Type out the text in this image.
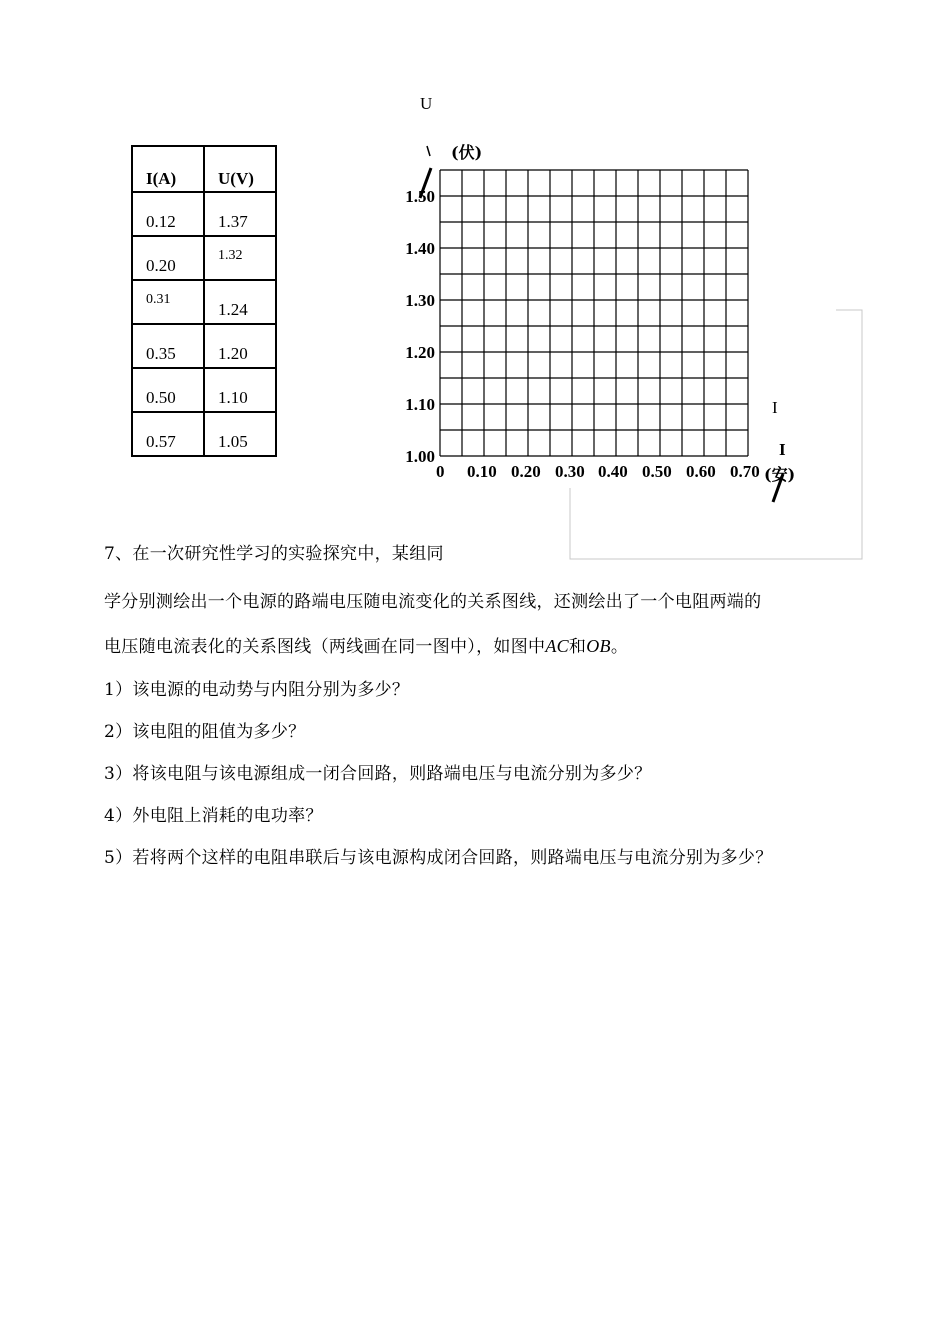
U
I(A)	U(V)
0.12	1.37
0.20	1.32
0.31	1.24
0.35	1.20
0.50	1.10
0.57	1.05
(伏)
1.50
1.40
1.30
1.20
1.10
1.00
0 0.10 0.20 0.30 0.40 0.50 0.60 0.70
I
(安)
I
7、在一次研究性学习的实验探究中，某组同
学分别测绘出一个电源的路端电压随电流变化的关系图线，还测绘出了一个电阻两端的
电压随电流表化的关系图线（两线画在同一图中），如图中AC和OB。
1）该电源的电动势与内阻分别为多少？
2）该电阻的阻值为多少？
3）将该电阻与该电源组成一闭合回路，则路端电压与电流分别为多少？
4）外电阻上消耗的电功率？
5）若将两个这样的电阻串联后与该电源构成闭合回路，则路端电压与电流分别为多少？
